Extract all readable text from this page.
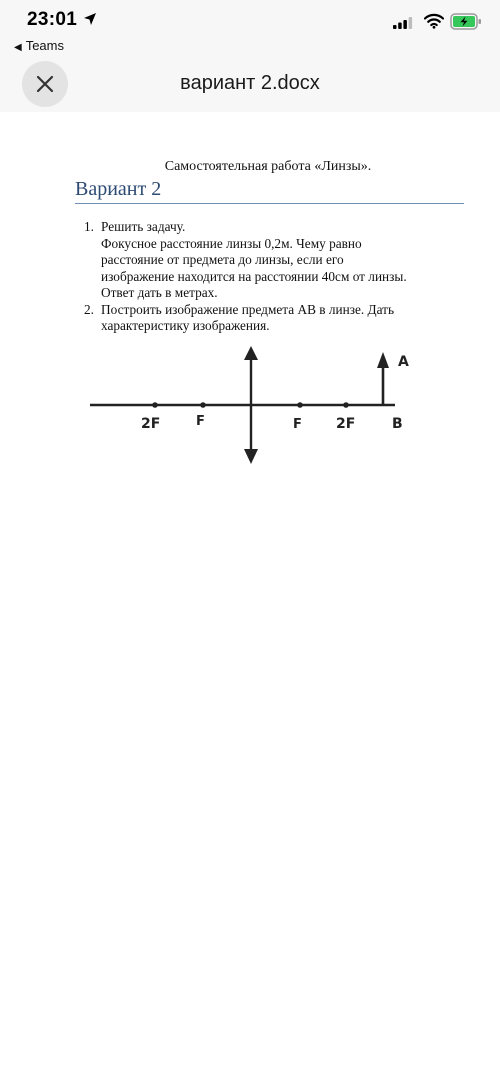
23:01
◀ Teams
вариант 2.docx
Самостоятельная работа «Линзы».
Вариант 2
1. Решить задачу.
Фокусное расстояние линзы 0,2м. Чему равно
расстояние от предмета до линзы, если его
изображение находится на расстоянии 40см от линзы.
Ответ дать в метрах.
2. Построить изображение предмета АВ в линзе. Дать
характеристику изображения.
2F	F	F 2F
A
B
